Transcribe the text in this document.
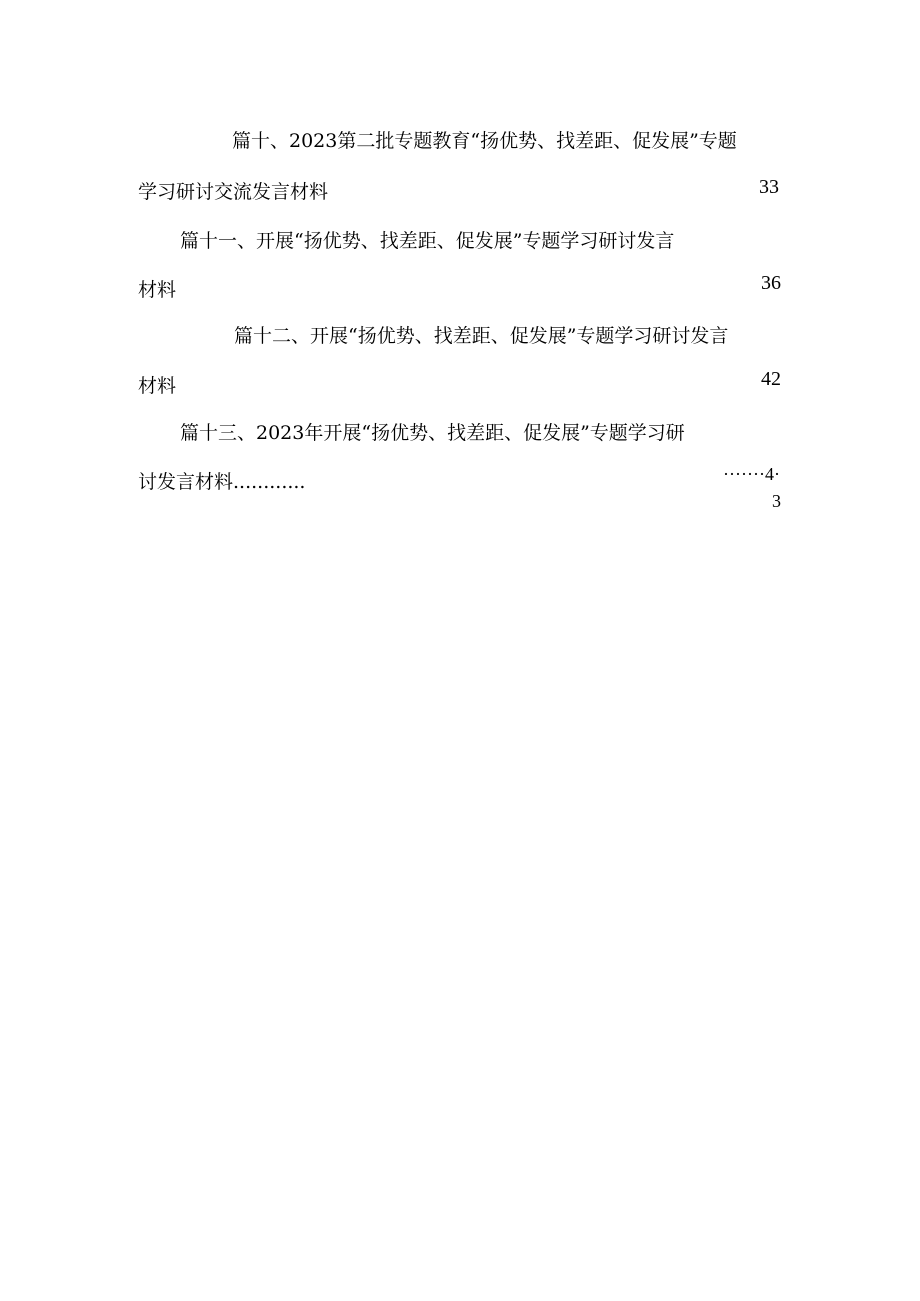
篇十、2023第二批专题教育“扬优势、找差距、促发展”专题
学习研讨交流发言材料	33
篇十一、开展“扬优势、找差距、促发展”专题学习研讨发言
材料	36
篇十二、开展“扬优势、找差距、促发展”专题学习研讨发言
材料	42
篇十三、2023年开展“扬优势、找差距、促发展”专题学习研
讨发言材料............	·······4·
3
